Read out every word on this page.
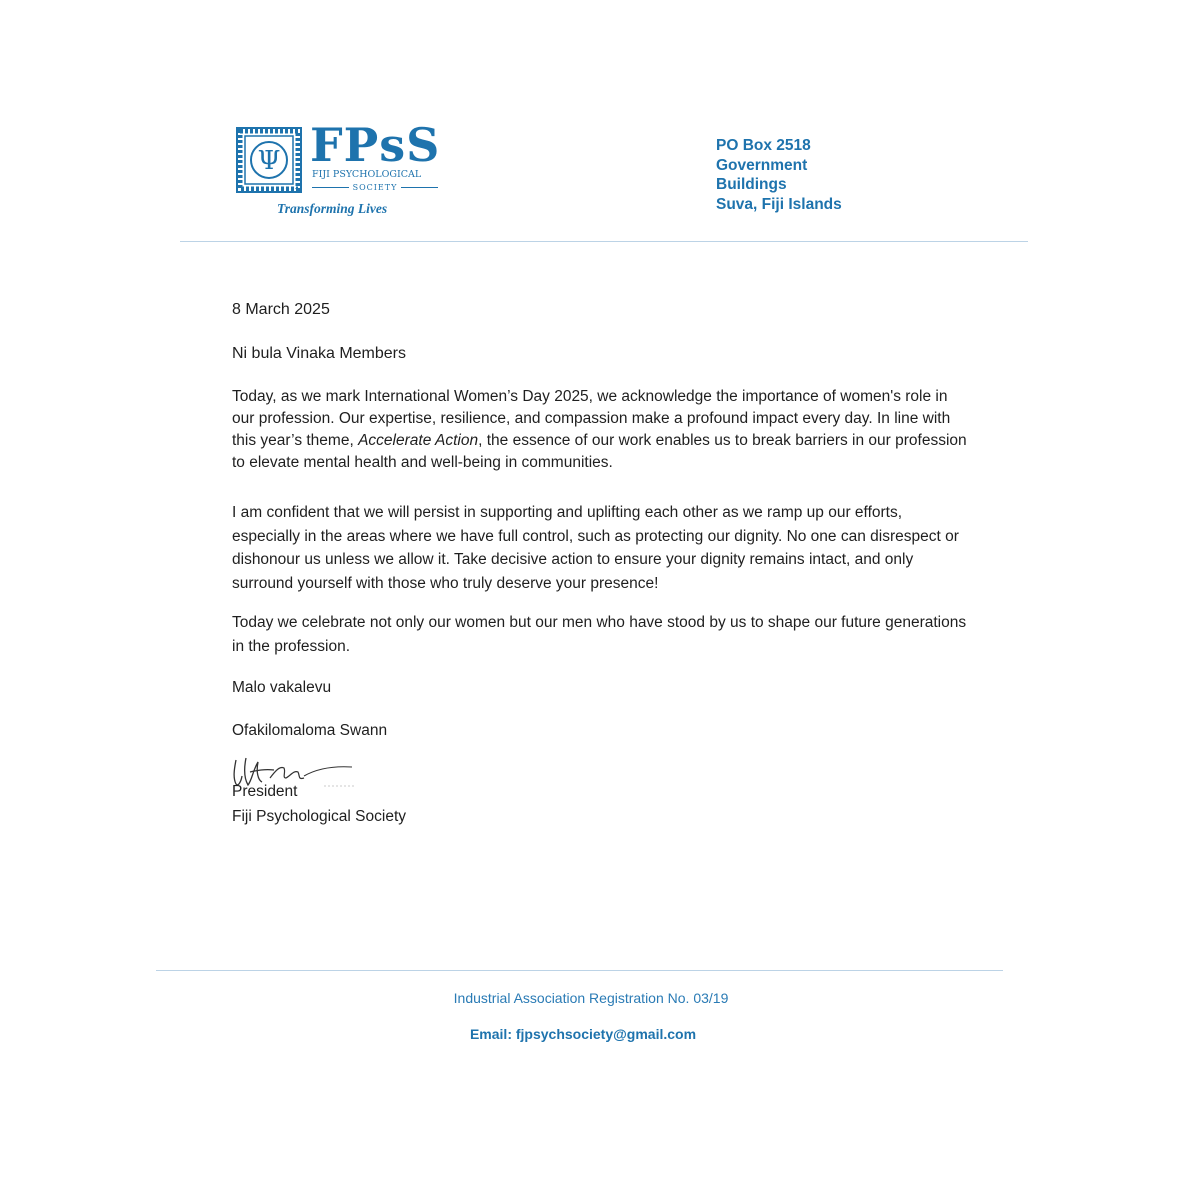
Ψ FPsS
FIJI PSYCHOLOGICAL
SOCIETY
Transforming Lives
PO Box 2518
Government
Buildings
Suva, Fiji Islands
8 March 2025
Ni bula Vinaka Members
Today, as we mark International Women’s Day 2025, we acknowledge the importance of women's role in our profession. Our expertise, resilience, and compassion make a profound impact every day. In line with this year’s theme, Accelerate Action, the essence of our work enables us to break barriers in our profession to elevate mental health and well-being in communities.
I am confident that we will persist in supporting and uplifting each other as we ramp up our efforts, especially in the areas where we have full control, such as protecting our dignity. No one can disrespect or dishonour us unless we allow it. Take decisive action to ensure your dignity remains intact, and only surround yourself with those who truly deserve your presence!
Today we celebrate not only our women but our men who have stood by us to shape our future generations in the profession.
Malo vakalevu
Ofakilomaloma Swann
President
Fiji Psychological Society
Industrial Association Registration No. 03/19
Email: fjpsychsociety@gmail.com
